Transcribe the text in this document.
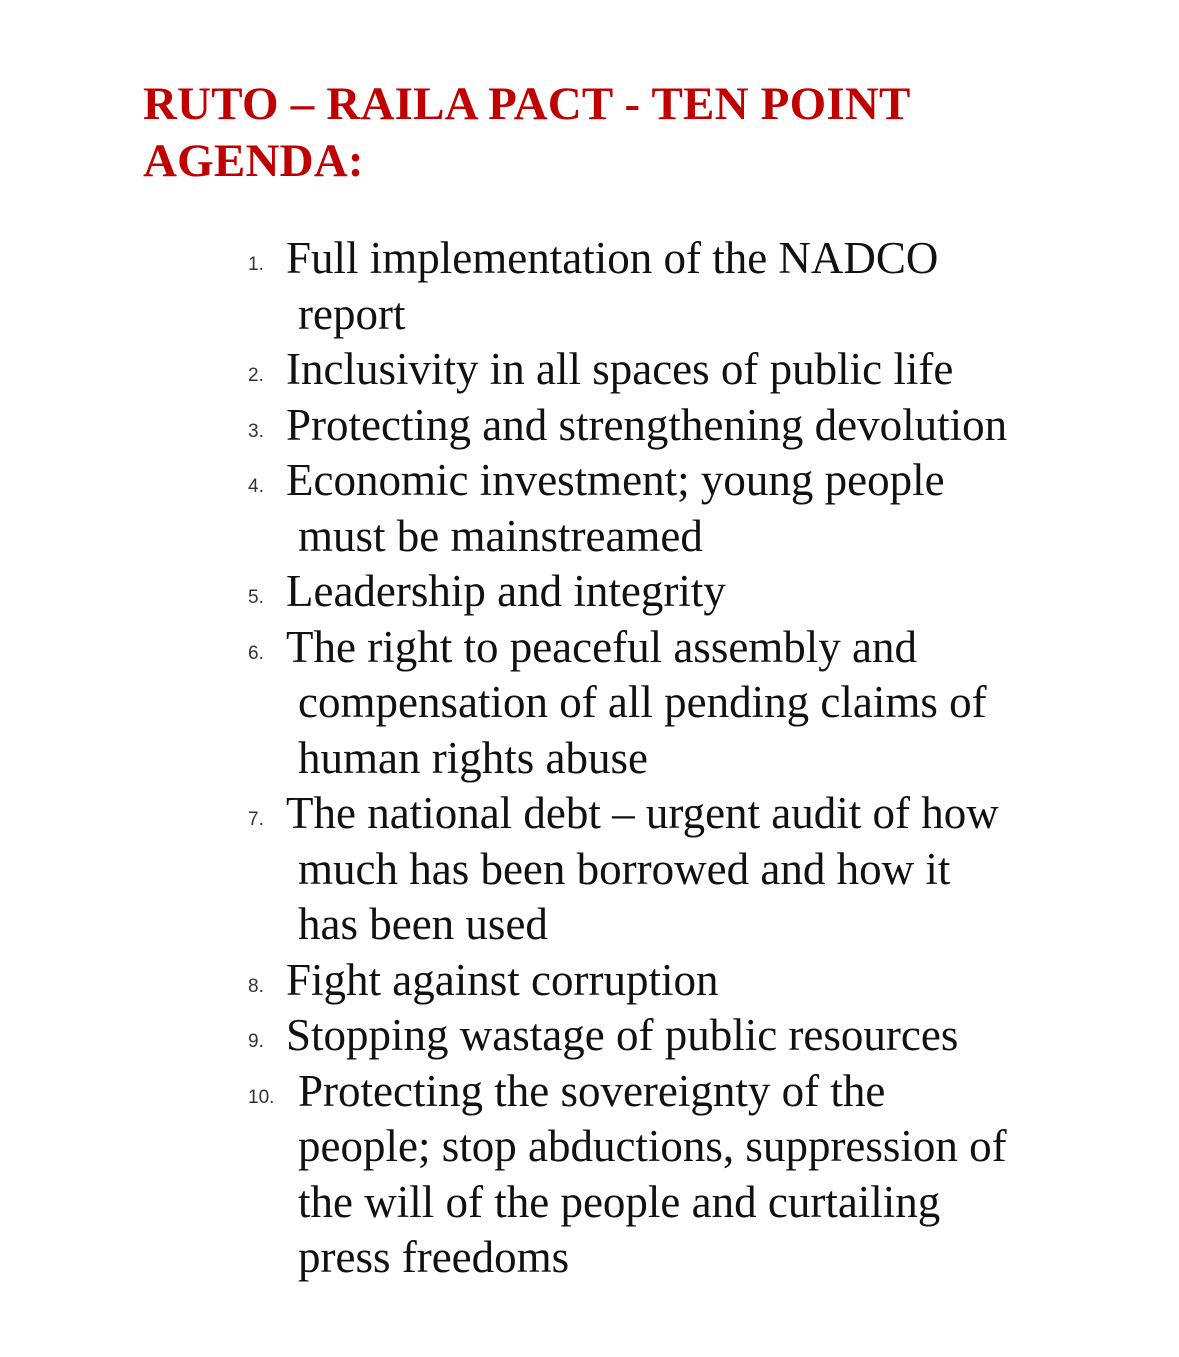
RUTO – RAILA PACT - TEN POINT
AGENDA:
1. Full implementation of the NADCO
report
2. Inclusivity in all spaces of public life
3. Protecting and strengthening devolution
4. Economic investment; young people
must be mainstreamed
5. Leadership and integrity
6. The right to peaceful assembly and
compensation of all pending claims of
human rights abuse
7. The national debt – urgent audit of how
much has been borrowed and how it
has been used
8. Fight against corruption
9. Stopping wastage of public resources
10. Protecting the sovereignty of the
people; stop abductions, suppression of
the will of the people and curtailing
press freedoms
